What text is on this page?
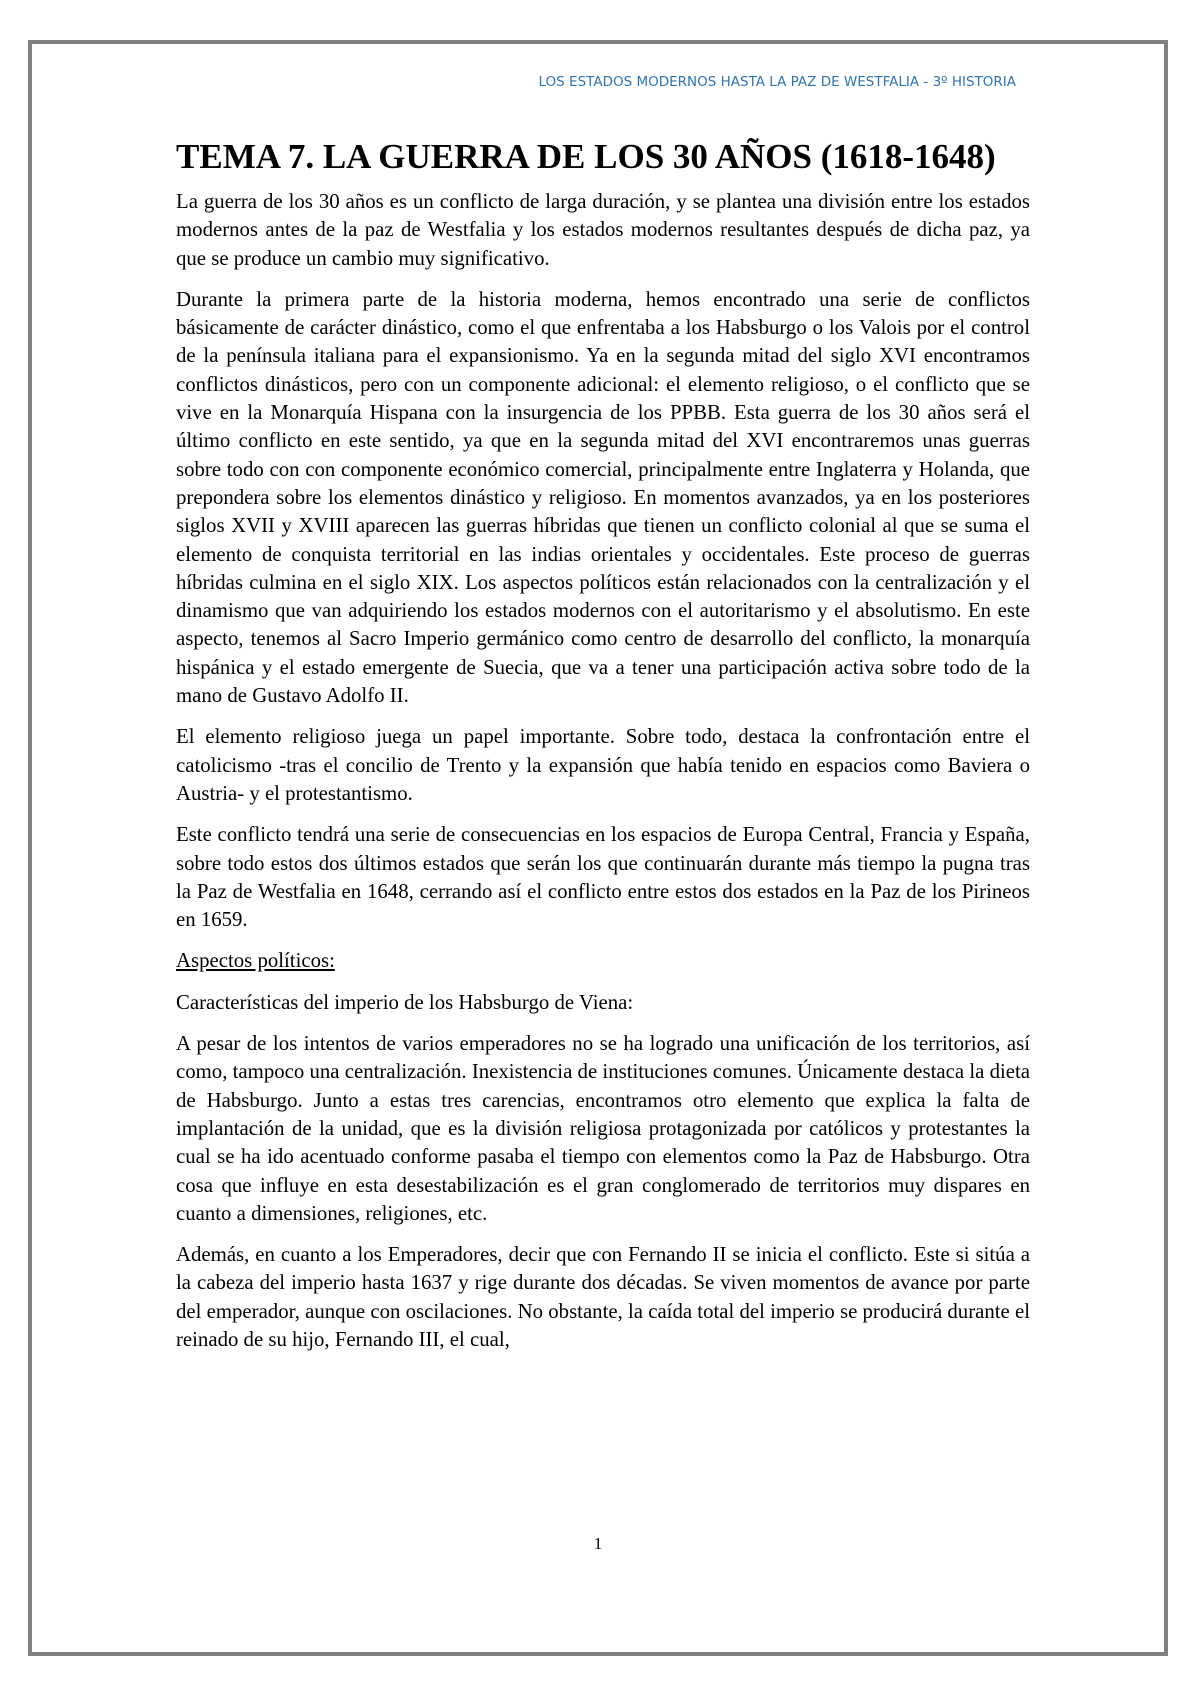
LOS ESTADOS MODERNOS HASTA LA PAZ DE WESTFALIA - 3º HISTORIA
TEMA 7. LA GUERRA DE LOS 30 AÑOS (1618-1648)

La guerra de los 30 años es un conflicto de larga duración, y se plantea una división entre los estados modernos antes de la paz de Westfalia y los estados modernos resultantes después de dicha paz, ya que se produce un cambio muy significativo.

Durante la primera parte de la historia moderna, hemos encontrado una serie de conflictos básicamente de carácter dinástico, como el que enfrentaba a los Habsburgo o los Valois por el control de la península italiana para el expansionismo. Ya en la segunda mitad del siglo XVI encontramos conflictos dinásticos, pero con un componente adicional: el elemento religioso, o el conflicto que se vive en la Monarquía Hispana con la insurgencia de los PPBB. Esta guerra de los 30 años será el último conflicto en este sentido, ya que en la segunda mitad del XVI encontraremos unas guerras sobre todo con con componente económico comercial, principalmente entre Inglaterra y Holanda, que prepondera sobre los elementos dinástico y religioso. En momentos avanzados, ya en los posteriores siglos XVII y XVIII aparecen las guerras híbridas que tienen un conflicto colonial al que se suma el elemento de conquista territorial en las indias orientales y occidentales. Este proceso de guerras híbridas culmina en el siglo XIX. Los aspectos políticos están relacionados con la centralización y el dinamismo que van adquiriendo los estados modernos con el autoritarismo y el absolutismo. En este aspecto, tenemos al Sacro Imperio germánico como centro de desarrollo del conflicto, la monarquía hispánica y el estado emergente de Suecia, que va a tener una participación activa sobre todo de la mano de Gustavo Adolfo II.

El elemento religioso juega un papel importante. Sobre todo, destaca la confrontación entre el catolicismo -tras el concilio de Trento y la expansión que había tenido en espacios como Baviera o Austria- y el protestantismo.

Este conflicto tendrá una serie de consecuencias en los espacios de Europa Central, Francia y España, sobre todo estos dos últimos estados que serán los que continuarán durante más tiempo la pugna tras la Paz de Westfalia en 1648, cerrando así el conflicto entre estos dos estados en la Paz de los Pirineos en 1659.

Aspectos políticos:

Características del imperio de los Habsburgo de Viena:

A pesar de los intentos de varios emperadores no se ha logrado una unificación de los territorios, así como, tampoco una centralización. Inexistencia de instituciones comunes. Únicamente destaca la dieta de Habsburgo. Junto a estas tres carencias, encontramos otro elemento que explica la falta de implantación de la unidad, que es la división religiosa protagonizada por católicos y protestantes la cual se ha ido acentuado conforme pasaba el tiempo con elementos como la Paz de Habsburgo. Otra cosa que influye en esta desestabilización es el gran conglomerado de territorios muy dispares en cuanto a dimensiones, religiones, etc.

Además, en cuanto a los Emperadores, decir que con Fernando II se inicia el conflicto. Este si sitúa a la cabeza del imperio hasta 1637 y rige durante dos décadas. Se viven momentos de avance por parte del emperador, aunque con oscilaciones. No obstante, la caída total del imperio se producirá durante el reinado de su hijo, Fernando III, el cual,

1
